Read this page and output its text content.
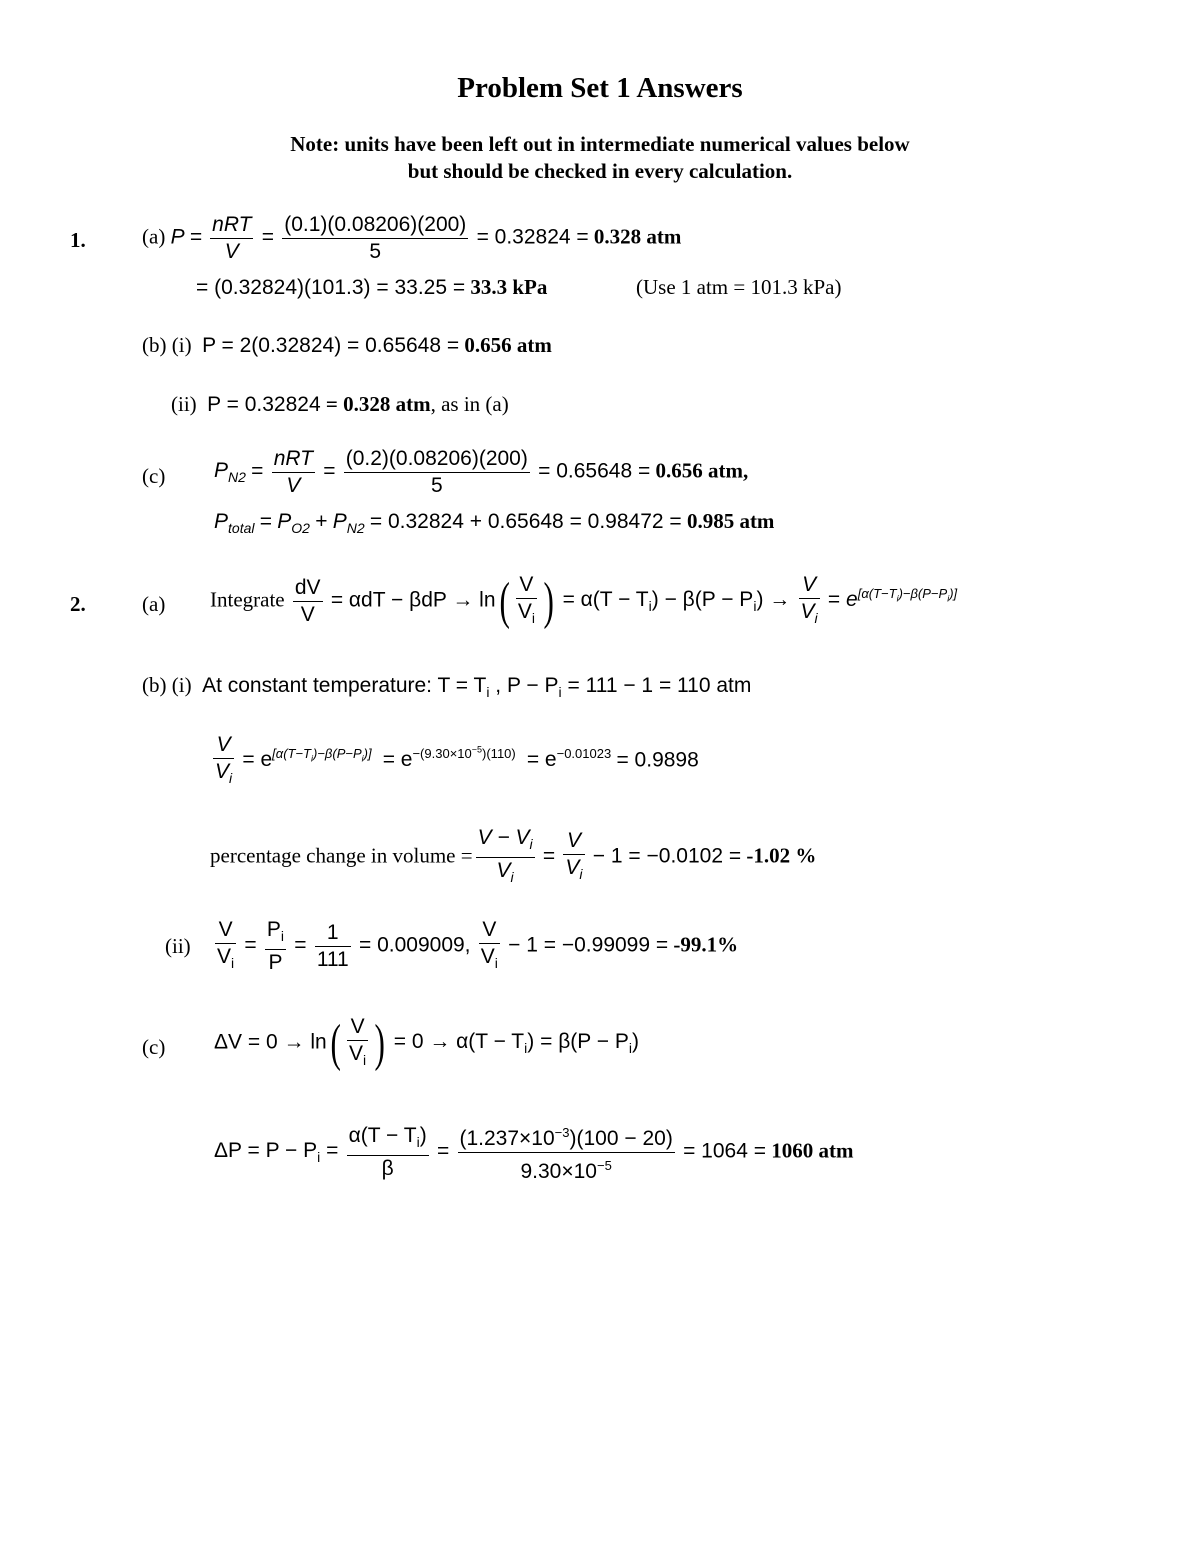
Problem Set 1 Answers
Note: units have been left out in intermediate numerical values below
but should be checked in every calculation.
1.	(a) $P = \frac{\text{nRT}}{V} = \frac{(0.1)(0.08206)(200)}{5} = 0.32824 = 0.328$ atm
= (0.32824)(101.3) = 33.25 = 33.3 kPa	(Use 1 atm = 101.3 kPa)
(b) (i) P = 2(0.32824) = 0.65648 = 0.656 atm
(ii) P = 0.32824 = 0.328 atm, as in (a)
(c) $P_{N2} = \frac{\text{nRT}}{V} = \frac{(0.2)(0.08206)(200)}{5} = 0.65648 = 0.656$ atm,
$P_{total} = P_{O2} + P_{N2} = 0.32824 + 0.65648 = 0.98472 = 0.985$ atm
2.	(a) Integrate $\frac{dV}{V} = \alpha dT - \beta dP \to \ln( \frac{V}{V_i}$ ) = $\alpha(T - T_i) - \beta(P - P_i) \to \frac{V}{V_i} = e[\alpha(T-Ti)-\beta(P-Pi)]$
(b) (i) At constant temperature: $T = T_i$ , $P - P_i = 111 - 1 = 110$ atm
$\frac{V}{V_i} = e[\alpha(T-Ti)-\beta(P-Pi)] = e^{-(9.30\times 10^{-5})(110)} = e^{-0.01023} = 0.9898$
percentage change in volume = $\frac{V - V_i}{V_i} = \frac{V}{V_i} - 1 = -0.0102 = -1.02$ %
$(ii) \frac{V}{V_i} = \frac{P_i}{P} = \frac{1}{111} = 0.009009$, $\frac{V}{V_i} - 1 = -0.99099 = -99.1\%$
(c) $\Delta V = 0 \to \ln( \frac{V}{V_i}$ ) = $0 \to \alpha(T - T_i) = \beta(P - P_i)$
$\Delta P = P - P_i = \frac{\alpha(T - T_i)}{\beta} = \frac{(1.237\times 10^{-3})(100 - 20)}{9.30\times 10^{-5}} = 1064 = 1060$ atm
